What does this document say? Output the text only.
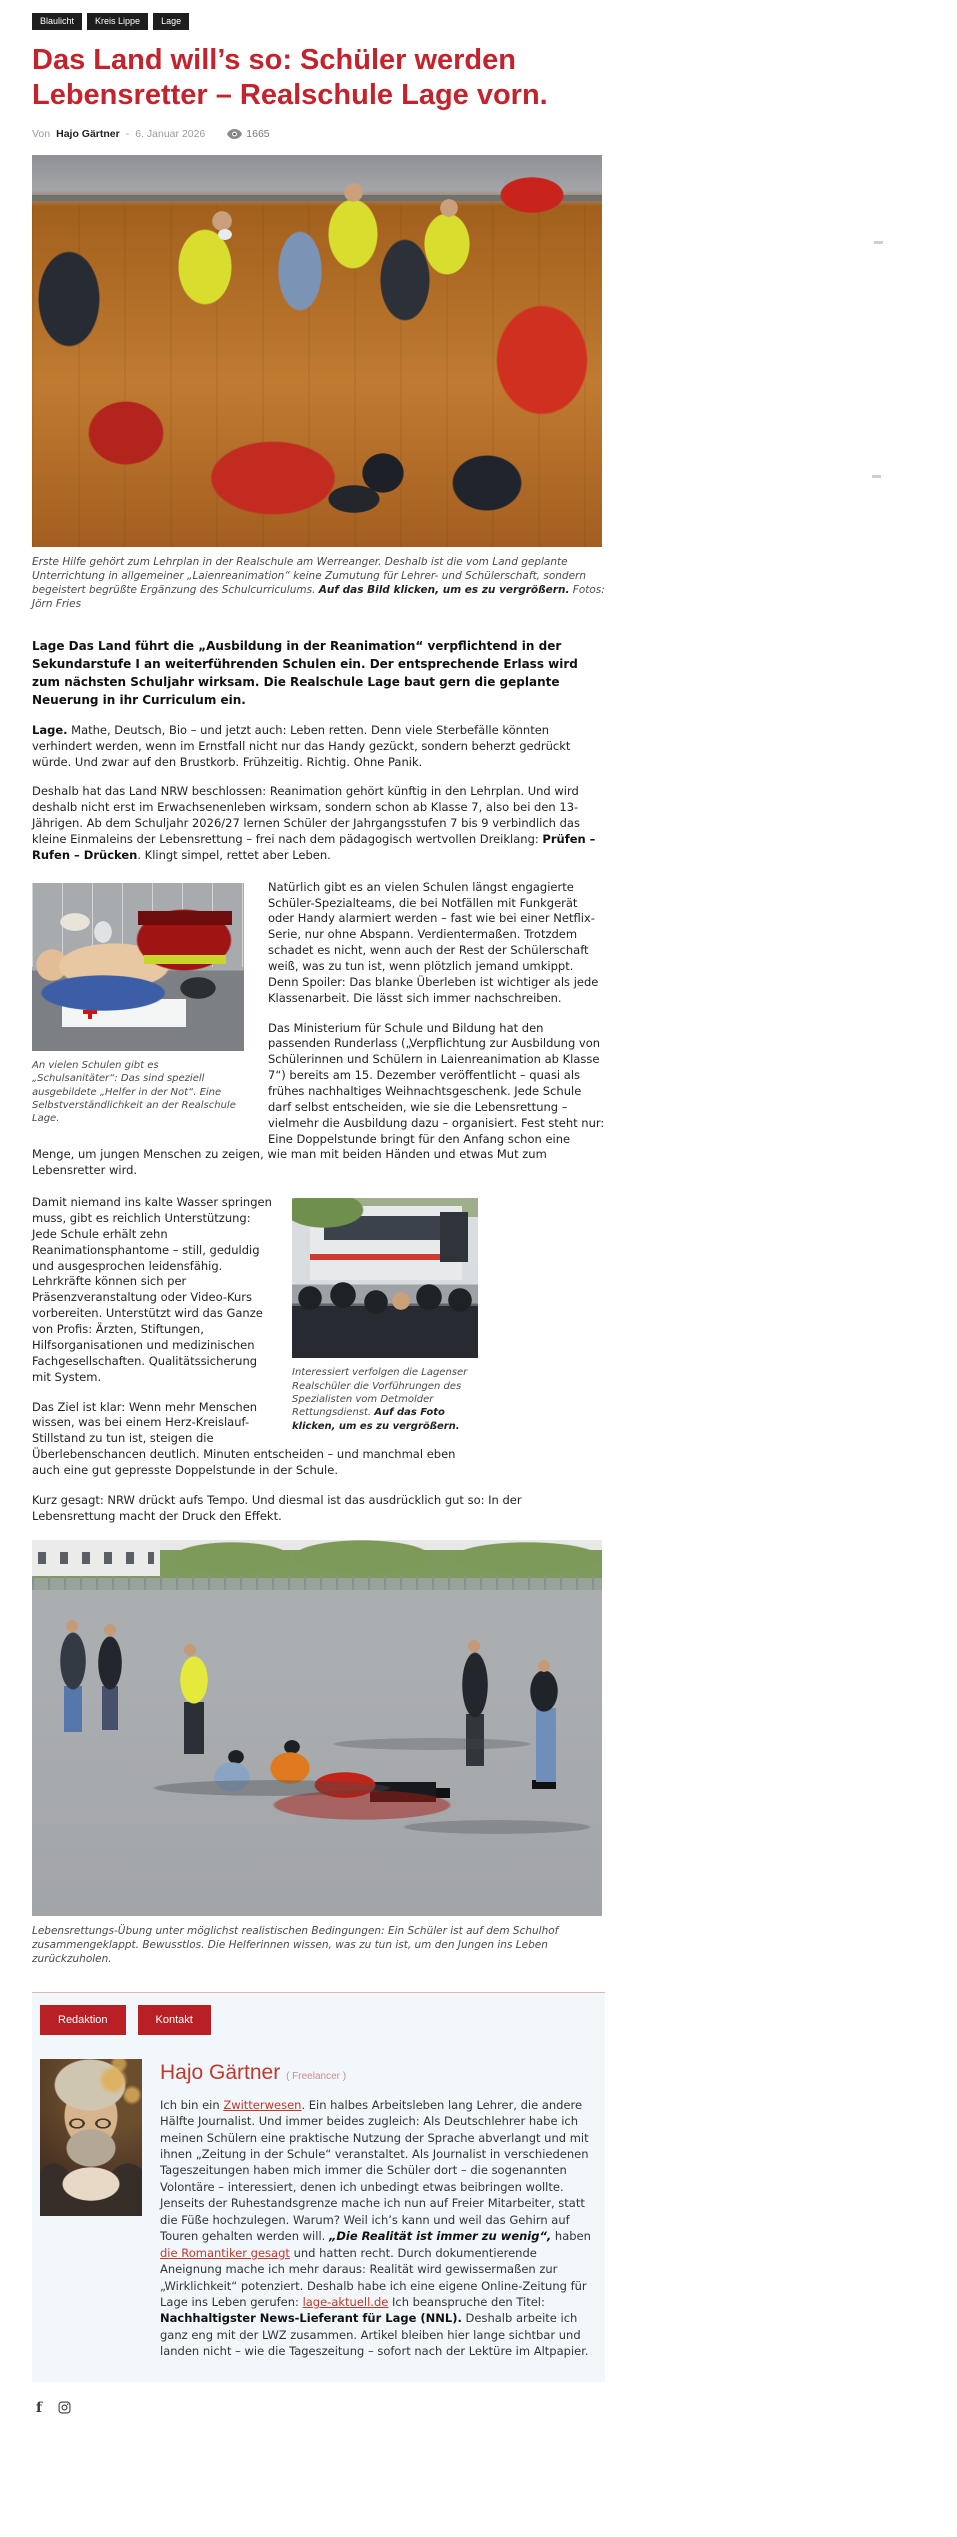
Blaulicht	Kreis Lippe	Lage
Das Land will’s so: Schüler werden Lebensretter – Realschule Lage vorn.
Von Hajo Gärtner - 6. Januar 2026	1665
Erste Hilfe gehört zum Lehrplan in der Realschule am Werreanger. Deshalb ist die vom Land geplante Unterrichtung in allgemeiner „Laienreanimation“ keine Zumutung für Lehrer- und Schülerschaft, sondern begeistert begrüßte Ergänzung des Schulcurriculums. Auf das Bild klicken, um es zu vergrößern. Fotos: Jörn Fries

Lage Das Land führt die „Ausbildung in der Reanimation“ verpflichtend in der Sekundarstufe I an weiterführenden Schulen ein. Der entsprechende Erlass wird zum nächsten Schuljahr wirksam. Die Realschule Lage baut gern die geplante Neuerung in ihr Curriculum ein.

Lage. Mathe, Deutsch, Bio – und jetzt auch: Leben retten. Denn viele Sterbefälle könnten verhindert werden, wenn im Ernstfall nicht nur das Handy gezückt, sondern beherzt gedrückt würde. Und zwar auf den Brustkorb. Frühzeitig. Richtig. Ohne Panik.

Deshalb hat das Land NRW beschlossen: Reanimation gehört künftig in den Lehrplan. Und wird deshalb nicht erst im Erwachsenenleben wirksam, sondern schon ab Klasse 7, also bei den 13-Jährigen. Ab dem Schuljahr 2026/27 lernen Schüler der Jahrgangsstufen 7 bis 9 verbindlich das kleine Einmaleins der Lebensrettung – frei nach dem pädagogisch wertvollen Dreiklang: Prüfen – Rufen – Drücken. Klingt simpel, rettet aber Leben.

An vielen Schulen gibt es „Schulsanitäter“: Das sind speziell ausgebildete „Helfer in der Not“. Eine Selbstverständlichkeit an der Realschule Lage.

Natürlich gibt es an vielen Schulen längst engagierte Schüler-Spezialteams, die bei Notfällen mit Funkgerät oder Handy alarmiert werden – fast wie bei einer Netflix-Serie, nur ohne Abspann. Verdientermaßen. Trotzdem schadet es nicht, wenn auch der Rest der Schülerschaft weiß, was zu tun ist, wenn plötzlich jemand umkippt. Denn Spoiler: Das blanke Überleben ist wichtiger als jede Klassenarbeit. Die lässt sich immer nachschreiben.

Das Ministerium für Schule und Bildung hat den passenden Runderlass („Verpflichtung zur Ausbildung von Schülerinnen und Schülern in Laienreanimation ab Klasse 7“) bereits am 15. Dezember veröffentlicht – quasi als frühes nachhaltiges Weihnachtsgeschenk. Jede Schule darf selbst entscheiden, wie sie die Lebensrettung – vielmehr die Ausbildung dazu – organisiert. Fest steht nur: Eine Doppelstunde bringt für den Anfang schon eine Menge, um jungen Menschen zu zeigen, wie man mit beiden Händen und etwas Mut zum Lebensretter wird.

Interessiert verfolgen die Lagenser Realschüler die Vorführungen des Spezialisten vom Detmolder Rettungsdienst. Auf das Foto klicken, um es zu vergrößern.

Damit niemand ins kalte Wasser springen muss, gibt es reichlich Unterstützung: Jede Schule erhält zehn Reanimationsphantome – still, geduldig und ausgesprochen leidensfähig. Lehrkräfte können sich per Präsenzveranstaltung oder Video-Kurs vorbereiten. Unterstützt wird das Ganze von Profis: Ärzten, Stiftungen, Hilfsorganisationen und medizinischen Fachgesellschaften. Qualitätssicherung mit System.

Das Ziel ist klar: Wenn mehr Menschen wissen, was bei einem Herz-Kreislauf-Stillstand zu tun ist, steigen die Überlebenschancen deutlich. Minuten entscheiden – und manchmal eben auch eine gut gepresste Doppelstunde in der Schule.

Kurz gesagt: NRW drückt aufs Tempo. Und diesmal ist das ausdrücklich gut so: In der Lebensrettung macht der Druck den Effekt.

Lebensrettungs-Übung unter möglichst realistischen Bedingungen: Ein Schüler ist auf dem Schulhof zusammengeklappt. Bewusstlos. Die Helferinnen wissen, was zu tun ist, um den Jungen ins Leben zurückzuholen.
Redaktion	Kontakt
Hajo Gärtner ( Freelancer )

Ich bin ein Zwitterwesen. Ein halbes Arbeitsleben lang Lehrer, die andere Hälfte Journalist. Und immer beides zugleich: Als Deutschlehrer habe ich meinen Schülern eine praktische Nutzung der Sprache abverlangt und mit ihnen „Zeitung in der Schule“ veranstaltet. Als Journalist in verschiedenen Tageszeitungen haben mich immer die Schüler dort – die sogenannten Volontäre – interessiert, denen ich unbedingt etwas beibringen wollte. Jenseits der Ruhestandsgrenze mache ich nun auf Freier Mitarbeiter, statt die Füße hochzulegen. Warum? Weil ich’s kann und weil das Gehirn auf Touren gehalten werden will. „Die Realität ist immer zu wenig“, haben die Romantiker gesagt und hatten recht. Durch dokumentierende Aneignung mache ich mehr daraus: Realität wird gewissermaßen zur „Wirklichkeit“ potenziert. Deshalb habe ich eine eigene Online-Zeitung für Lage ins Leben gerufen: lage-aktuell.de Ich beanspruche den Titel: Nachhaltigster News-Lieferant für Lage (NNL). Deshalb arbeite ich ganz eng mit der LWZ zusammen. Artikel bleiben hier lange sichtbar und landen nicht – wie die Tageszeitung – sofort nach der Lektüre im Altpapier.

f
